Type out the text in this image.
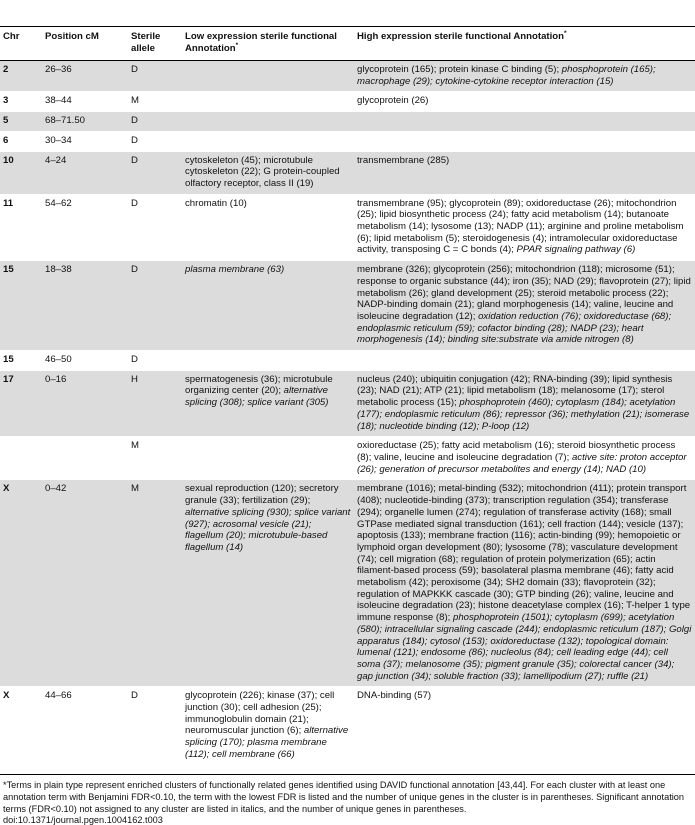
Chr	Position cM	Sterile allele	Low expression sterile functional Annotation*	High expression sterile functional Annotation*
2	26–36	D		glycoprotein (165); protein kinase C binding (5); phosphoprotein (165); macrophage (29); cytokine-cytokine receptor interaction (15)
3	38–44	M		glycoprotein (26)
5	68–71.50	D		
6	30–34	D		
10	4–24	D	cytoskeleton (45); microtubule cytoskeleton (22); G protein-coupled olfactory receptor, class II (19)	transmembrane (285)
11	54–62	D	chromatin (10)	transmembrane (95); glycoprotein (89); oxidoreductase (26); mitochondrion (25); lipid biosynthetic process (24); fatty acid metabolism (14); butanoate metabolism (14); lysosome (13); NADP (11); arginine and proline metabolism (6); lipid metabolism (5); steroidogenesis (4); intramolecular oxidoreductase activity, transposing C = C bonds (4); PPAR signaling pathway (6)
15	18–38	D	plasma membrane (63)	membrane (326); glycoprotein (256); mitochondrion (118); microsome (51); response to organic substance (44); iron (35); NAD (29); flavoprotein (27); lipid metabolism (26); gland development (25); steroid metabolic process (22); NADP-binding domain (21); gland morphogenesis (14); valine, leucine and isoleucine degradation (12); oxidation reduction (76); oxidoreductase (68); endoplasmic reticulum (59); cofactor binding (28); NADP (23); heart morphogenesis (14); binding site:substrate via amide nitrogen (8)
15	46–50	D		
17	0–16	H	spermatogenesis (36); microtubule organizing center (20); alternative splicing (308); splice variant (305)	nucleus (240); ubiquitin conjugation (42); RNA-binding (39); lipid synthesis (23); NAD (21); ATP (21); lipid metabolism (18); melanosome (17); sterol metabolic process (15); phosphoprotein (460); cytoplasm (184); acetylation (177); endoplasmic reticulum (86); repressor (36); methylation (21); isomerase (18); nucleotide binding (12); P-loop (12)
		M		oxioreductase (25); fatty acid metabolism (16); steroid biosynthetic process (8); valine, leucine and isoleucine degradation (7); active site: proton acceptor (26); generation of precursor metabolites and energy (14); NAD (10)
X	0–42	M	sexual reproduction (120); secretory granule (33); fertilization (29); alternative splicing (930); splice variant (927); acrosomal vesicle (21); flagellum (20); microtubule-based flagellum (14)	membrane (1016); metal-binding (532); mitochondrion (411); protein transport (408); nucleotide-binding (373); transcription regulation (354); transferase (294); organelle lumen (274); regulation of transferase activity (168); small GTPase mediated signal transduction (161); cell fraction (144); vesicle (137); apoptosis (133); membrane fraction (116); actin-binding (99); hemopoietic or lymphoid organ development (80); lysosome (78); vasculature development (74); cell migration (68); regulation of protein polymerization (65); actin filament-based process (59); basolateral plasma membrane (46); fatty acid metabolism (42); peroxisome (34); SH2 domain (33); flavoprotein (32); regulation of MAPKKK cascade (30); GTP binding (26); valine, leucine and isoleucine degradation (23); histone deacetylase complex (16); T-helper 1 type immune response (8); phosphoprotein (1501); cytoplasm (699); acetylation (580); intracellular signaling cascade (244); endoplasmic reticulum (187); Golgi apparatus (184); cytosol (153); oxidoreductase (132); topological domain: lumenal (121); endosome (86); nucleolus (84); cell leading edge (44); cell soma (37); melanosome (35); pigment granule (35); colorectal cancer (34); gap junction (34); soluble fraction (33); lamellipodium (27); ruffle (21)
X	44–66	D	glycoprotein (226); kinase (37); cell junction (30); cell adhesion (25); immunoglobulin domain (21); neuromuscular junction (6); alternative splicing (170); plasma membrane (112); cell membrane (66)	DNA-binding (57)
*Terms in plain type represent enriched clusters of functionally related genes identified using DAVID functional annotation [43,44]. For each cluster with at least one annotation term with Benjamini FDR<0.10, the term with the lowest FDR is listed and the number of unique genes in the cluster is in parentheses. Significant annotation terms (FDR<0.10) not assigned to any cluster are listed in italics, and the number of unique genes in parentheses.
doi:10.1371/journal.pgen.1004162.t003
